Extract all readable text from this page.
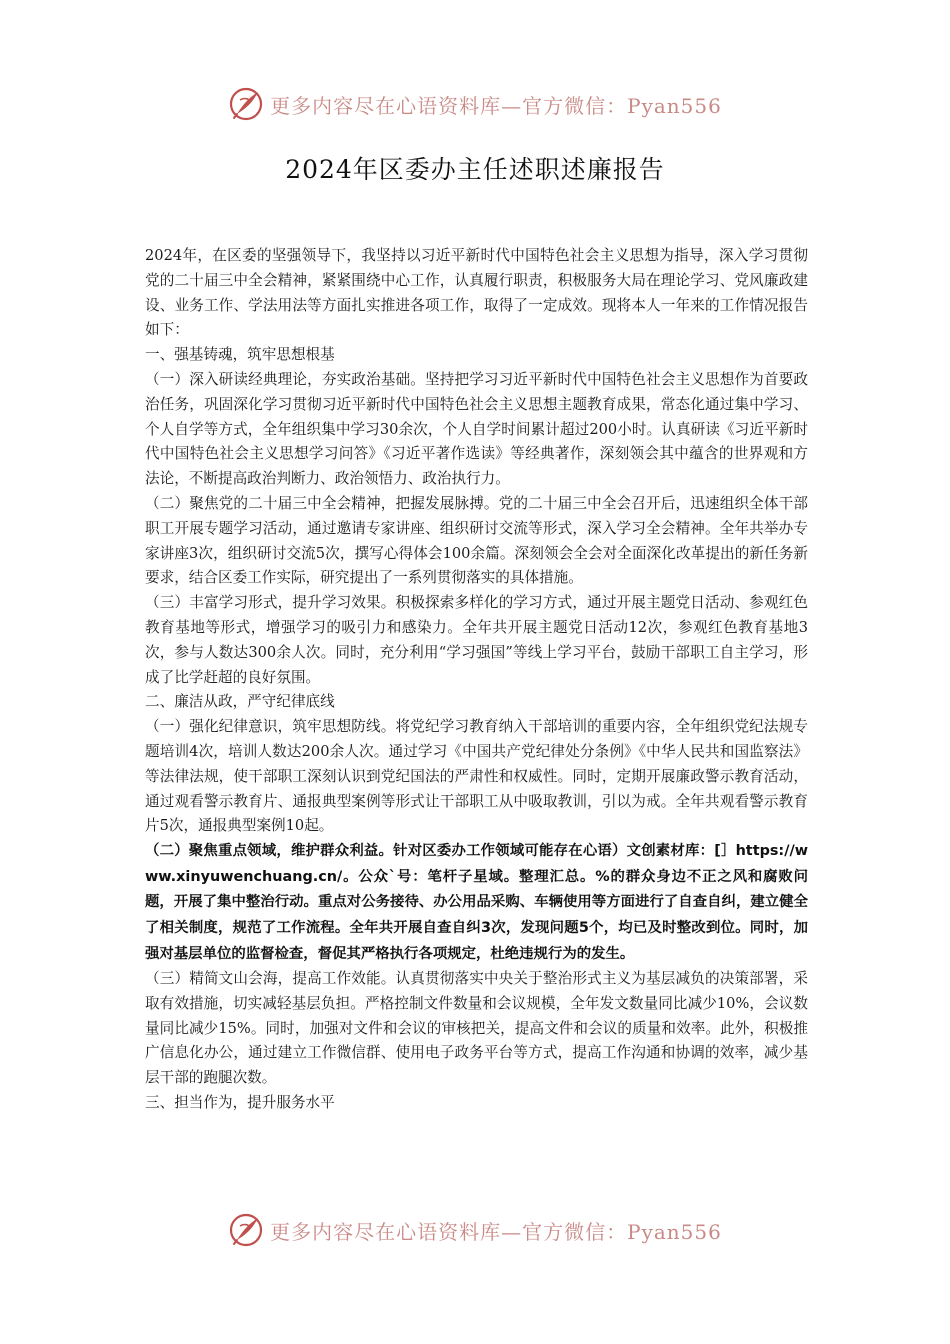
更多内容尽在心语资料库—官方微信：Pyan556
2024年区委办主任述职述廉报告

2024年，在区委的坚强领导下，我坚持以习近平新时代中国特色社会主义思想为指导，深入学习贯彻党的二十届三中全会精神，紧紧围绕中心工作，认真履行职责，积极服务大局在理论学习、党风廉政建设、业务工作、学法用法等方面扎实推进各项工作，取得了一定成效。现将本人一年来的工作情况报告如下：

一、强基铸魂，筑牢思想根基

（一）深入研读经典理论，夯实政治基础。坚持把学习习近平新时代中国特色社会主义思想作为首要政治任务，巩固深化学习贯彻习近平新时代中国特色社会主义思想主题教育成果，常态化通过集中学习、个人自学等方式，全年组织集中学习30余次，个人自学时间累计超过200小时。认真研读《习近平新时代中国特色社会主义思想学习问答》《习近平著作选读》等经典著作，深刻领会其中蕴含的世界观和方法论，不断提高政治判断力、政治领悟力、政治执行力。

（二）聚焦党的二十届三中全会精神，把握发展脉搏。党的二十届三中全会召开后，迅速组织全体干部职工开展专题学习活动，通过邀请专家讲座、组织研讨交流等形式，深入学习全会精神。全年共举办专家讲座3次，组织研讨交流5次，撰写心得体会100余篇。深刻领会全会对全面深化改革提出的新任务新要求，结合区委工作实际，研究提出了一系列贯彻落实的具体措施。

（三）丰富学习形式，提升学习效果。积极探索多样化的学习方式，通过开展主题党日活动、参观红色教育基地等形式，增强学习的吸引力和感染力。全年共开展主题党日活动12次，参观红色教育基地3次，参与人数达300余人次。同时，充分利用“学习强国”等线上学习平台，鼓励干部职工自主学习，形成了比学赶超的良好氛围。

二、廉洁从政，严守纪律底线

（一）强化纪律意识，筑牢思想防线。将党纪学习教育纳入干部培训的重要内容，全年组织党纪法规专题培训4次，培训人数达200余人次。通过学习《中国共产党纪律处分条例》《中华人民共和国监察法》等法律法规，使干部职工深刻认识到党纪国法的严肃性和权威性。同时，定期开展廉政警示教育活动，通过观看警示教育片、通报典型案例等形式让干部职工从中吸取教训，引以为戒。全年共观看警示教育片5次，通报典型案例10起。

（二）聚焦重点领域，维护群众利益。针对区委办工作领域可能存在心语）文创素材库：[］https://www.xinyuwenchuang.cn/。公众`号：笔杆子星域。整理汇总。%的群众身边不正之风和腐败问题，开展了集中整治行动。重点对公务接待、办公用品采购、车辆使用等方面进行了自查自纠，建立健全了相关制度，规范了工作流程。全年共开展自查自纠3次，发现问题5个，均已及时整改到位。同时，加强对基层单位的监督检查，督促其严格执行各项规定，杜绝违规行为的发生。

（三）精简文山会海，提高工作效能。认真贯彻落实中央关于整治形式主义为基层减负的决策部署，采取有效措施，切实减轻基层负担。严格控制文件数量和会议规模，全年发文数量同比减少10%，会议数量同比减少15%。同时，加强对文件和会议的审核把关，提高文件和会议的质量和效率。此外，积极推广信息化办公，通过建立工作微信群、使用电子政务平台等方式，提高工作沟通和协调的效率，减少基层干部的跑腿次数。

三、担当作为，提升服务水平

更多内容尽在心语资料库—官方微信：Pyan556
